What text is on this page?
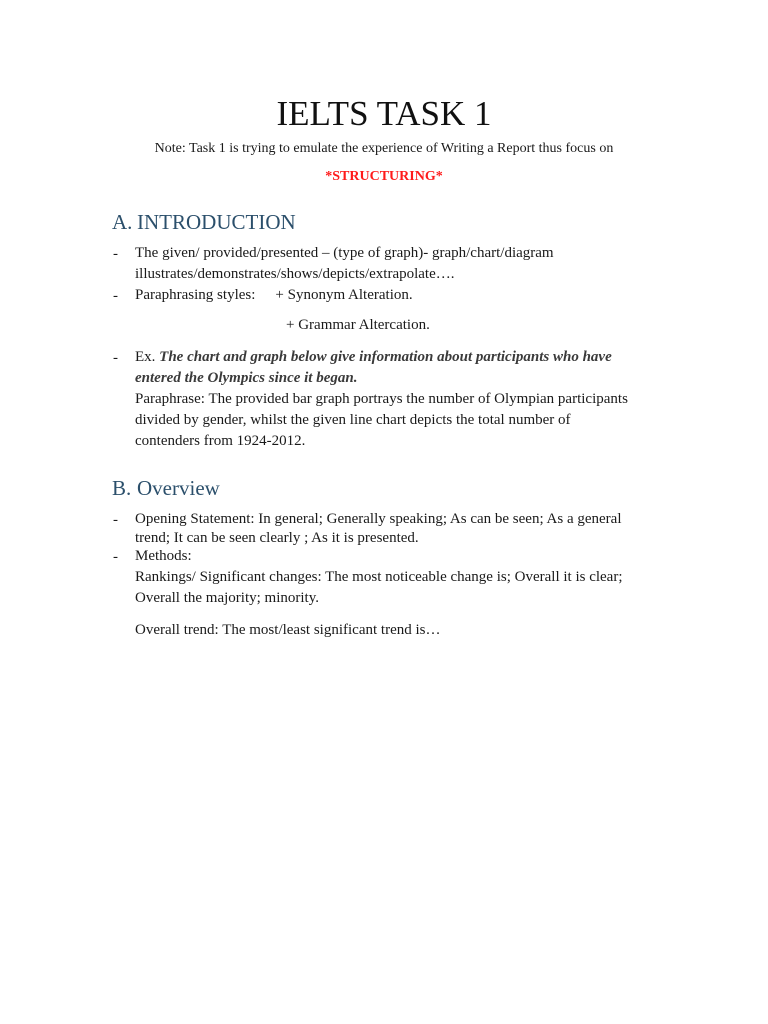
IELTS TASK 1
Note: Task 1 is trying to emulate the experience of Writing a Report thus focus on
*STRUCTURING*
A. INTRODUCTION
- The given/ provided/presented – (type of graph)- graph/chart/diagram
illustrates/demonstrates/shows/depicts/extrapolate….
- Paraphrasing styles: + Synonym Alteration.
+ Grammar Altercation.
- Ex. The chart and graph below give information about participants who have
entered the Olympics since it began.
Paraphrase: The provided bar graph portrays the number of Olympian participants
divided by gender, whilst the given line chart depicts the total number of
contenders from 1924-2012.
B. Overview
- Opening Statement: In general; Generally speaking; As can be seen; As a general
trend; It can be seen clearly ; As it is presented.
- Methods:
Rankings/ Significant changes: The most noticeable change is; Overall it is clear;
Overall the majority; minority.
Overall trend: The most/least significant trend is…
